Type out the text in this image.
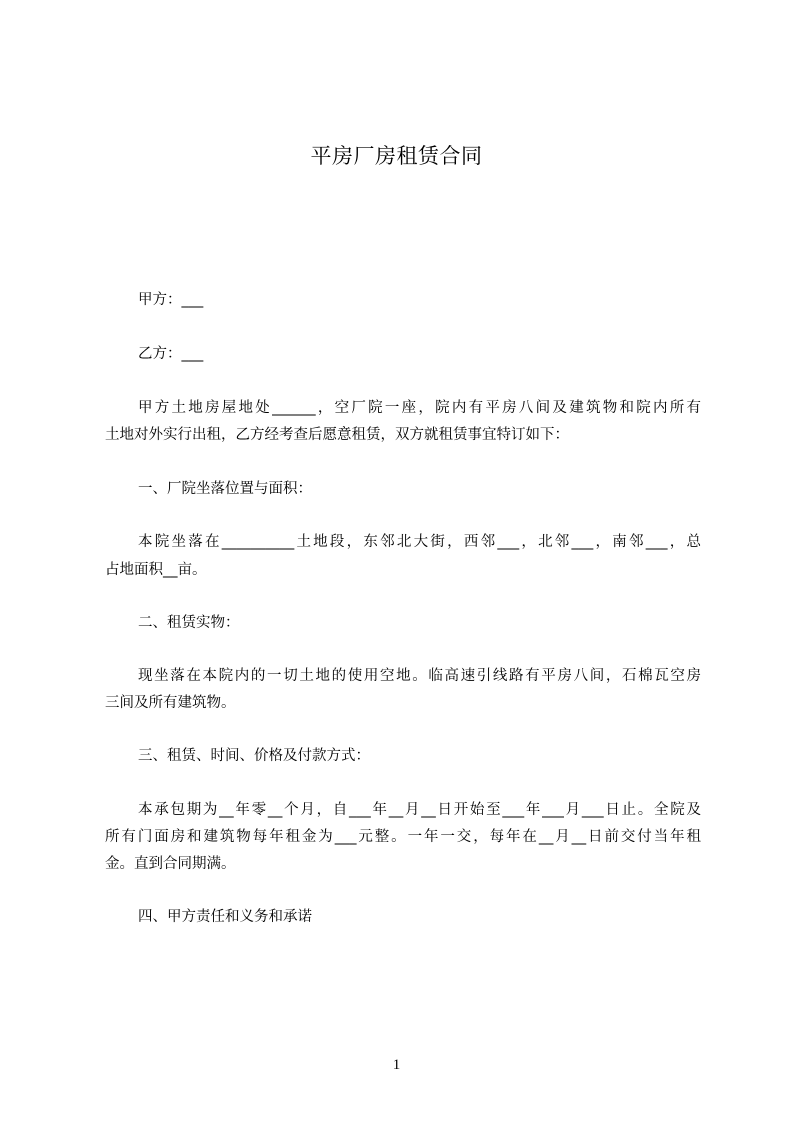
平房厂房租赁合同
甲方：___
乙方：___
甲方土地房屋地处______，空厂院一座，院内有平房八间及建筑物和院内所有
土地对外实行出租，乙方经考查后愿意租赁，双方就租赁事宜特订如下：
一、厂院坐落位置与面积：
本院坐落在__________土地段，东邻北大街，西邻___，北邻___，南邻___，总
占地面积__亩。
二、租赁实物：
现坐落在本院内的一切土地的使用空地。临高速引线路有平房八间，石棉瓦空房
三间及所有建筑物。
三、租赁、时间、价格及付款方式：
本承包期为__年零__个月，自___年__月__日开始至___年___月___日止。全院及
所有门面房和建筑物每年租金为___元整。一年一交，每年在__月__日前交付当年租
金。直到合同期满。
四、甲方责任和义务和承诺
1
